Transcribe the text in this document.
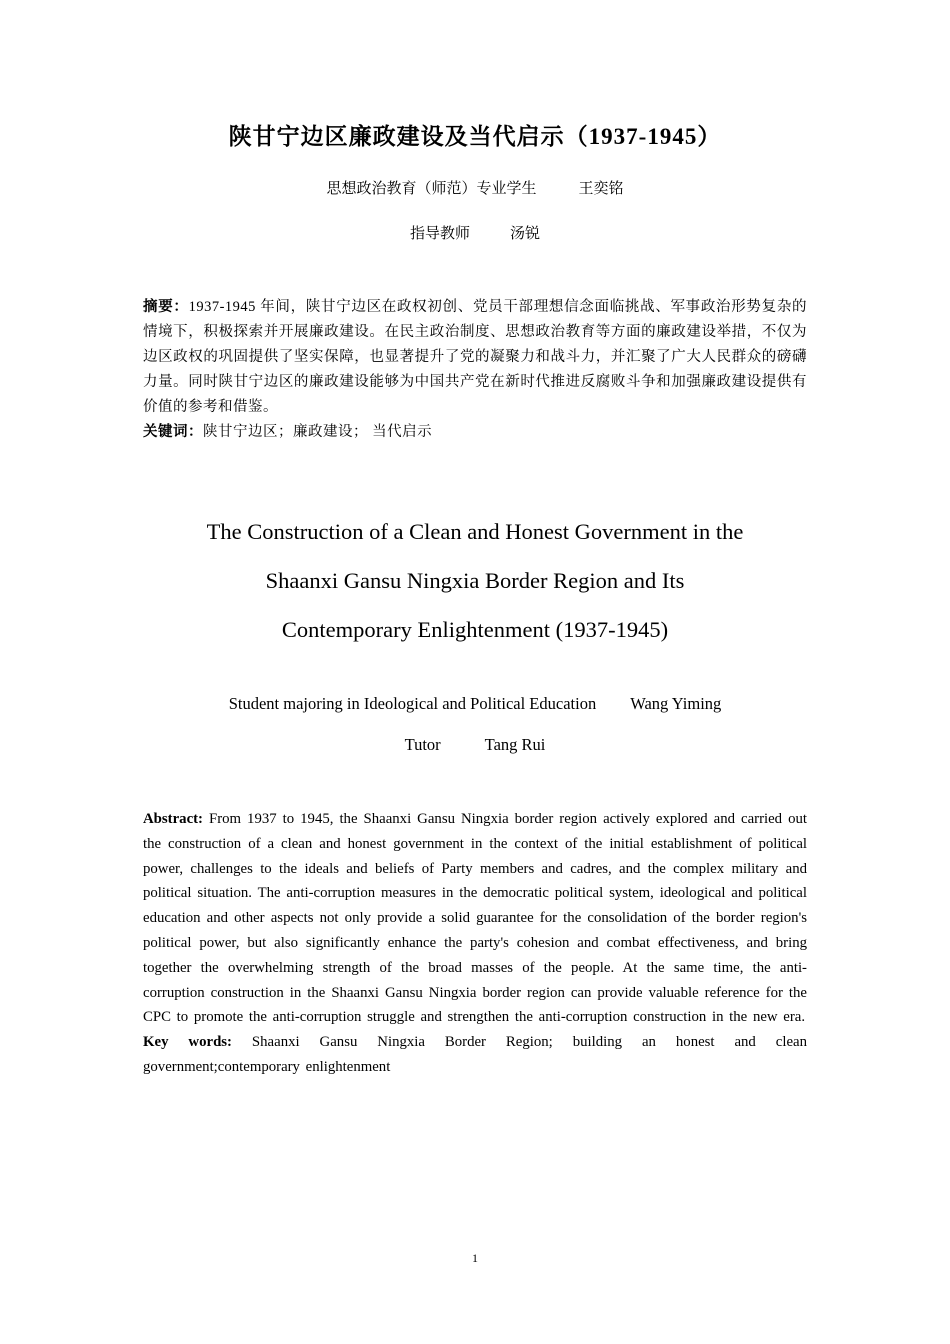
陕甘宁边区廉政建设及当代启示（1937-1945）

思想政治教育（师范）专业学生	王奕铭

指导教师	汤锐

摘要：1937-1945 年间，陕甘宁边区在政权初创、党员干部理想信念面临挑战、军事政治形势复杂的情境下，积极探索并开展廉政建设。在民主政治制度、思想政治教育等方面的廉政建设举措，不仅为边区政权的巩固提供了坚实保障，也显著提升了党的凝聚力和战斗力，并汇聚了广大人民群众的磅礴力量。同时陕甘宁边区的廉政建设能够为中国共产党在新时代推进反腐败斗争和加强廉政建设提供有价值的参考和借鉴。

关键词：陕甘宁边区；廉政建设； 当代启示

The Construction of a Clean and Honest Government in the
Shaanxi Gansu Ningxia Border Region and Its
Contemporary Enlightenment (1937-1945)

Student majoring in Ideological and Political Education Wang Yiming

Tutor	Tang Rui

Abstract: From 1937 to 1945, the Shaanxi Gansu Ningxia border region actively explored and carried out the construction of a clean and honest government in the context of the initial establishment of political power, challenges to the ideals and beliefs of Party members and cadres, and the complex military and political situation. The anti-corruption measures in the democratic political system, ideological and political education and other aspects not only provide a solid guarantee for the consolidation of the border region's political power, but also significantly enhance the party's cohesion and combat effectiveness, and bring together the overwhelming strength of the broad masses of the people. At the same time, the anti-corruption construction in the Shaanxi Gansu Ningxia border region can provide valuable reference for the CPC to promote the anti-corruption struggle and strengthen the anti-corruption construction in the new era.

Key words: Shaanxi Gansu Ningxia Border Region; building an honest and clean government;contemporary enlightenment

1
